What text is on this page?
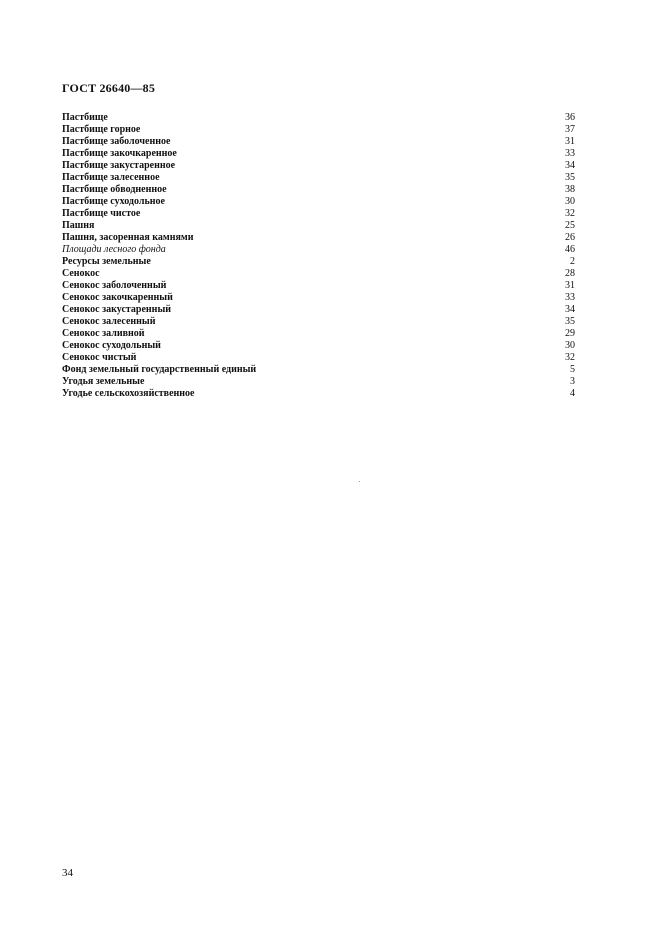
ГОСТ 26640—85
Пастбище	36
Пастбище горное	37
Пастбище заболоченное	31
Пастбище закочкаренное	33
Пастбище закустаренное	34
Пастбище залесенное	35
Пастбище обводненное	38
Пастбище суходольное	30
Пастбище чистое	32
Пашня	25
Пашня, засоренная камнями	26
Площади лесного фонда	46
Ресурсы земельные	2
Сенокос	28
Сенокос заболоченный	31
Сенокос закочкаренный	33
Сенокос закустаренный	34
Сенокос залесенный	35
Сенокос заливной	29
Сенокос суходольный	30
Сенокос чистый	32
Фонд земельный государственный единый	5
Угодья земельные	3
Угодье сельскохозяйственное	4
34
